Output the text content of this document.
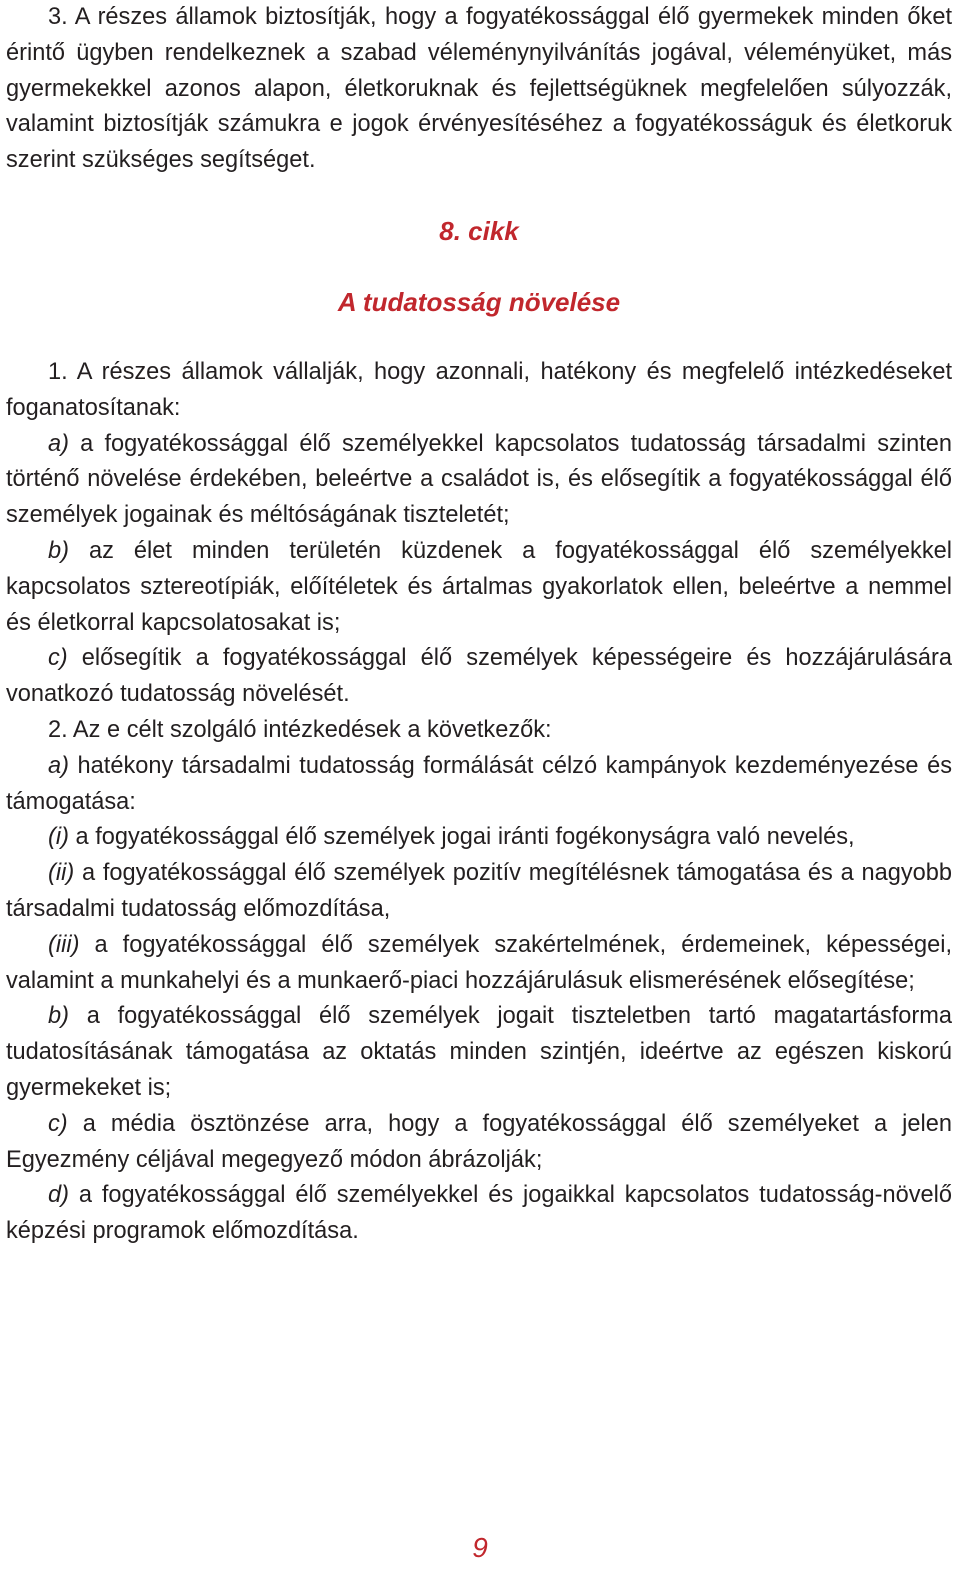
3. A részes államok biztosítják, hogy a fogyatékossággal élő gyermekek minden őket érintő ügyben rendelkeznek a szabad véleménynyilvánítás jogával, véleményüket, más gyermekekkel azonos alapon, életkoruknak és fejlettségüknek megfelelően súlyozzák, valamint biztosítják számukra e jogok érvényesítéséhez a fogyatékosságuk és életkoruk szerint szükséges segítséget.

8. cikk
A tudatosság növelése

1. A részes államok vállalják, hogy azonnali, hatékony és megfelelő intézkedéseket foganatosítanak:

a) a fogyatékossággal élő személyekkel kapcsolatos tudatosság társadalmi szinten történő növelése érdekében, beleértve a családot is, és elősegítik a fogyatékossággal élő személyek jogainak és méltóságának tiszteletét;

b) az élet minden területén küzdenek a fogyatékossággal élő személyekkel kapcsolatos sztereotípiák, előítéletek és ártalmas gyakorlatok ellen, beleértve a nemmel és életkorral kapcsolatosakat is;

c) elősegítik a fogyatékossággal élő személyek képességeire és hozzájárulására vonatkozó tudatosság növelését.

2. Az e célt szolgáló intézkedések a következők:

a) hatékony társadalmi tudatosság formálását célzó kampányok kezdeményezése és támogatása:

(i) a fogyatékossággal élő személyek jogai iránti fogékonyságra való nevelés,

(ii) a fogyatékossággal élő személyek pozitív megítélésnek támogatása és a nagyobb társadalmi tudatosság előmozdítása,

(iii) a fogyatékossággal élő személyek szakértelmének, érdemeinek, képességei, valamint a munkahelyi és a munkaerő-piaci hozzájárulásuk elismerésének elősegítése;

b) a fogyatékossággal élő személyek jogait tiszteletben tartó magatartásforma tudatosításának támogatása az oktatás minden szintjén, ideértve az egészen kiskorú gyermekeket is;

c) a média ösztönzése arra, hogy a fogyatékossággal élő személyeket a jelen Egyezmény céljával megegyező módon ábrázolják;

d) a fogyatékossággal élő személyekkel és jogaikkal kapcsolatos tudatosság-növelő képzési programok előmozdítása.

9
